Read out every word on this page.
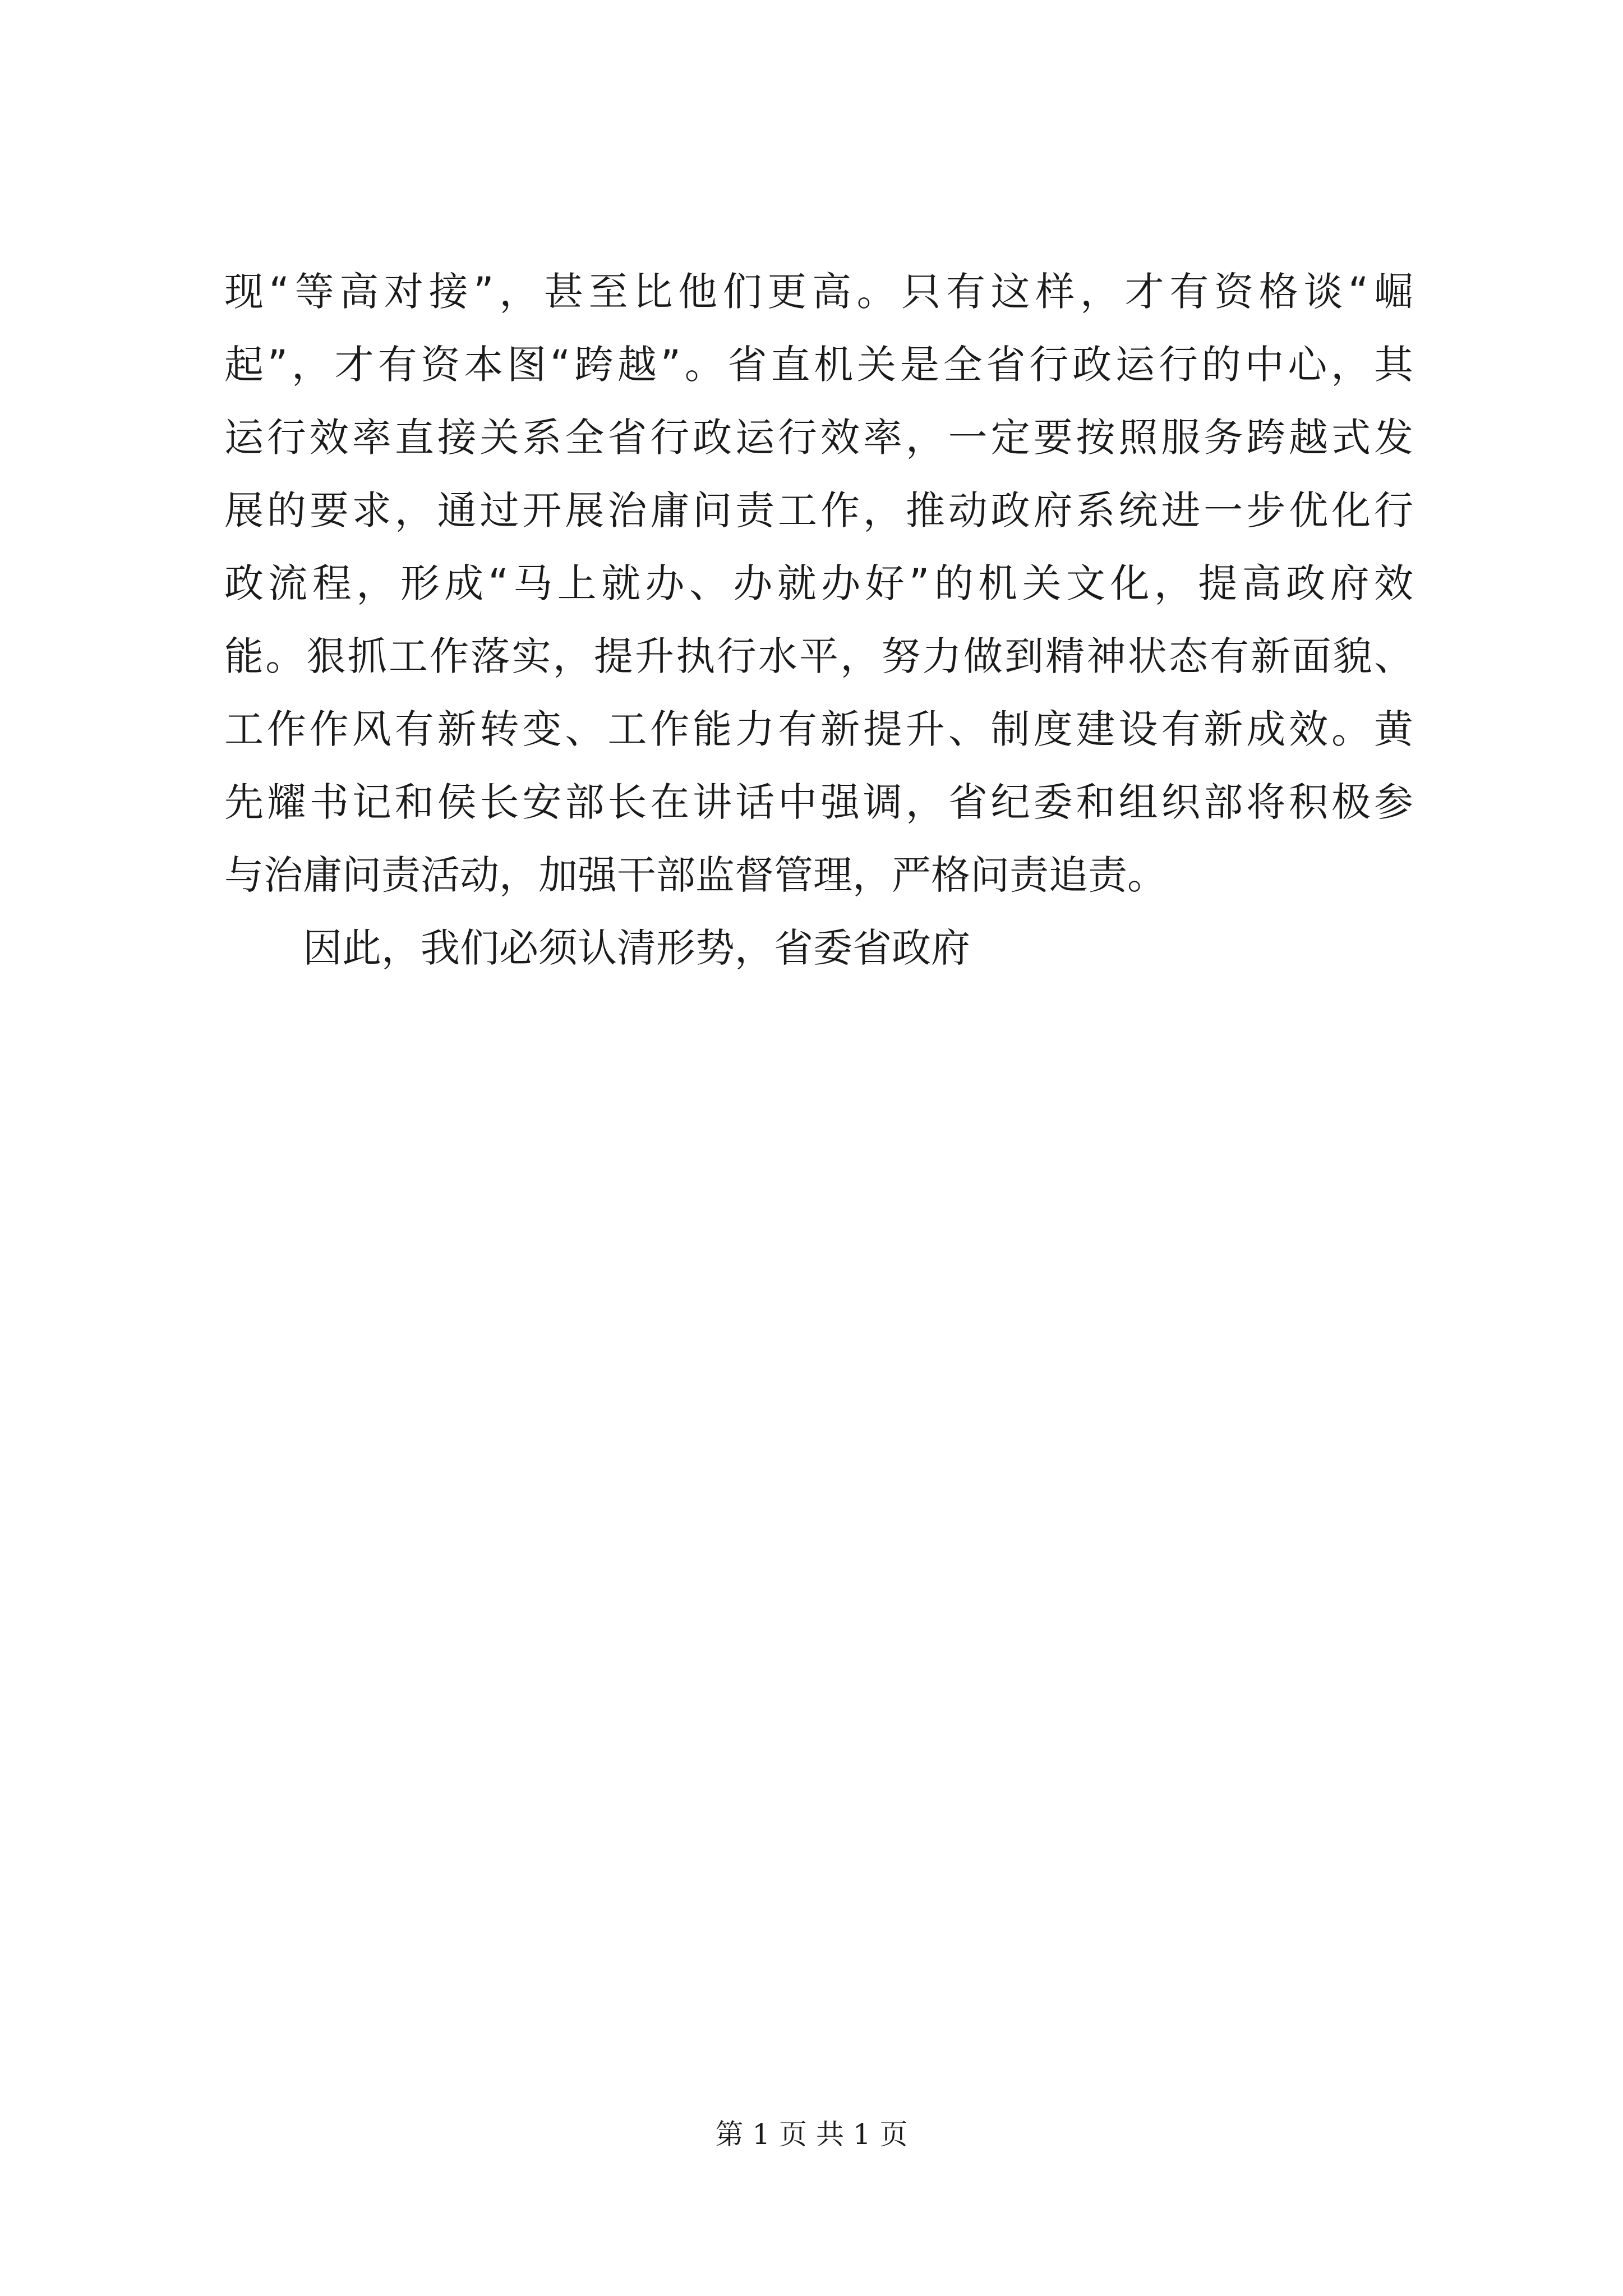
现“等高对接”，甚至比他们更高。只有这样，才有资格谈“崛
起”，才有资本图“跨越”。省直机关是全省行政运行的中心，其
运行效率直接关系全省行政运行效率，一定要按照服务跨越式发
展的要求，通过开展治庸问责工作，推动政府系统进一步优化行
政流程，形成“马上就办、办就办好”的机关文化，提高政府效
能。狠抓工作落实，提升执行水平，努力做到精神状态有新面貌、
工作作风有新转变、工作能力有新提升、制度建设有新成效。黄
先耀书记和侯长安部长在讲话中强调，省纪委和组织部将积极参
与治庸问责活动，加强干部监督管理，严格问责追责。
因此，我们必须认清形势，省委省政府
第 1 页 共 1 页
